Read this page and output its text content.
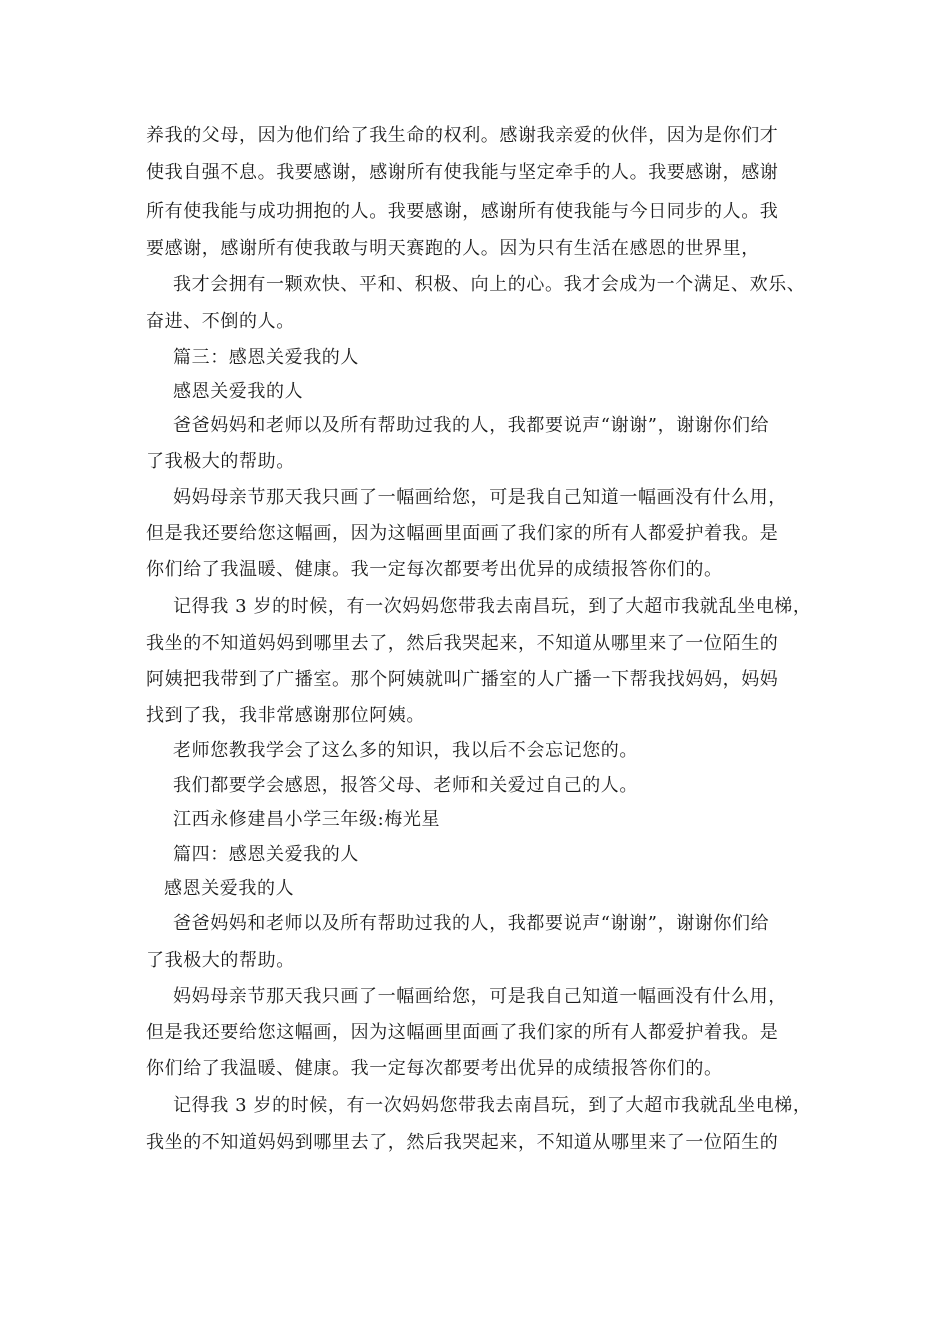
养我的父母，因为他们给了我生命的权利。感谢我亲爱的伙伴，因为是你们才
使我自强不息。我要感谢，感谢所有使我能与坚定牵手的人。我要感谢，感谢
所有使我能与成功拥抱的人。我要感谢，感谢所有使我能与今日同步的人。我
要感谢，感谢所有使我敢与明天赛跑的人。因为只有生活在感恩的世界里，
我才会拥有一颗欢快、平和、积极、向上的心。我才会成为一个满足、欢乐、
奋进、不倒的人。
篇三：感恩关爱我的人
感恩关爱我的人
爸爸妈妈和老师以及所有帮助过我的人，我都要说声“谢谢”，谢谢你们给
了我极大的帮助。
妈妈母亲节那天我只画了一幅画给您，可是我自己知道一幅画没有什么用，
但是我还要给您这幅画，因为这幅画里面画了我们家的所有人都爱护着我。是
你们给了我温暖、健康。我一定每次都要考出优异的成绩报答你们的。
记得我 3 岁的时候，有一次妈妈您带我去南昌玩，到了大超市我就乱坐电梯，
我坐的不知道妈妈到哪里去了，然后我哭起来，不知道从哪里来了一位陌生的
阿姨把我带到了广播室。那个阿姨就叫广播室的人广播一下帮我找妈妈，妈妈
找到了我，我非常感谢那位阿姨。
老师您教我学会了这么多的知识，我以后不会忘记您的。
我们都要学会感恩，报答父母、老师和关爱过自己的人。
江西永修建昌小学三年级:梅光星
篇四：感恩关爱我的人
感恩关爱我的人
爸爸妈妈和老师以及所有帮助过我的人，我都要说声“谢谢”，谢谢你们给
了我极大的帮助。
妈妈母亲节那天我只画了一幅画给您，可是我自己知道一幅画没有什么用，
但是我还要给您这幅画，因为这幅画里面画了我们家的所有人都爱护着我。是
你们给了我温暖、健康。我一定每次都要考出优异的成绩报答你们的。
记得我 3 岁的时候，有一次妈妈您带我去南昌玩，到了大超市我就乱坐电梯，
我坐的不知道妈妈到哪里去了，然后我哭起来，不知道从哪里来了一位陌生的
